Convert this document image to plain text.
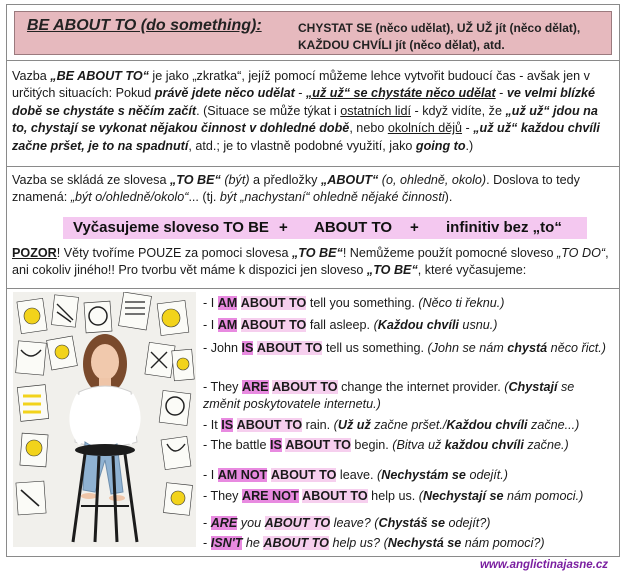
BE ABOUT TO (do something):	CHYSTAT SE (něco udělat), UŽ UŽ jít (něco dělat),
KAŽDOU CHVÍLI jít (něco dělat), atd.

Vazba „BE ABOUT TO“ je jako „zkratka“, jejíž pomocí můžeme lehce vytvořit budoucí čas - avšak jen v určitých situacích: Pokud právě jdete něco udělat - „už už“ se chystáte něco udělat - ve velmi blízké době se chystáte s něčím začít. (Situace se může týkat i ostatních lidí - když vidíte, že „už už“ jdou na to, chystají se vykonat nějakou činnost v dohledné době, nebo okolních dějů - „už už“ každou chvíli začne pršet, je to na spadnutí, atd.; je to vlastně podobné využití, jako going to.)

Vazba se skládá ze slovesa „TO BE“ (být) a předložky „ABOUT“ (o, ohledně, okolo). Doslova to tedy znamená: „být o/ohledně/okolo“... (tj. být „nachystaní“ ohledně nějaké činnosti).

Vyčasujeme sloveso TO BE + ABOUT TO + infinitiv bez „to“

POZOR! Věty tvoříme POUZE za pomoci slovesa „TO BE“! Nemůžeme použít pomocné sloveso „TO DO“, ani cokoliv jiného!! Pro tvorbu vět máme k dispozici jen sloveso „TO BE“, které vyčasujeme:

- I AM ABOUT TO tell you something. (Něco ti řeknu.)

- I AM ABOUT TO fall asleep. (Každou chvíli usnu.)

- John IS ABOUT TO tell us something. (John se nám chystá něco řict.)

- They ARE ABOUT TO change the internet provider. (Chystají se změnit poskytovatele internetu.)

- It IS ABOUT TO rain. (Už už začne pršet./Každou chvíli začne...)

- The battle IS ABOUT TO begin. (Bitva už každou chvíli začne.)

- I AM NOT ABOUT TO leave. (Nechystám se odejít.)

- They ARE NOT ABOUT TO help us. (Nechystají se nám pomoci.)

- ARE you ABOUT TO leave? (Chystáš se odejít?)

- ISN'T he ABOUT TO help us? (Nechystá se nám pomoci?)

www.anglictinajasne.cz
